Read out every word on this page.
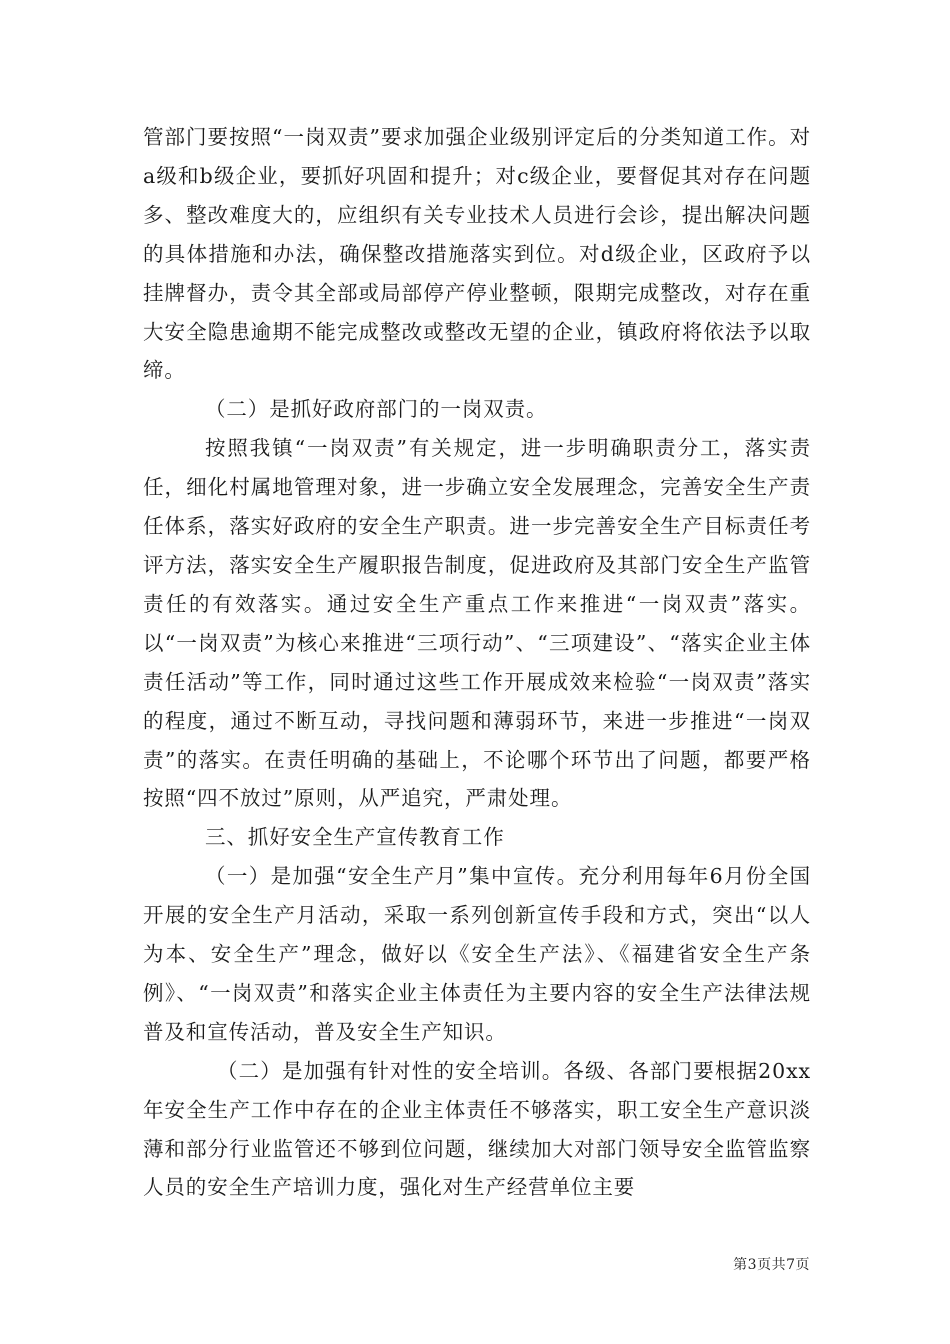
管部门要按照“一岗双责”要求加强企业级别评定后的分类知道工作。对a级和b级企业，要抓好巩固和提升；对c级企业，要督促其对存在问题多、整改难度大的，应组织有关专业技术人员进行会诊，提出解决问题的具体措施和办法，确保整改措施落实到位。对d级企业，区政府予以挂牌督办，责令其全部或局部停产停业整顿，限期完成整改，对存在重大安全隐患逾期不能完成整改或整改无望的企业，镇政府将依法予以取缔。

（二）是抓好政府部门的一岗双责。

按照我镇“一岗双责”有关规定，进一步明确职责分工，落实责任，细化村属地管理对象，进一步确立安全发展理念，完善安全生产责任体系，落实好政府的安全生产职责。进一步完善安全生产目标责任考评方法，落实安全生产履职报告制度，促进政府及其部门安全生产监管责任的有效落实。通过安全生产重点工作来推进“一岗双责”落实。以“一岗双责”为核心来推进“三项行动”、“三项建设”、“落实企业主体责任活动”等工作，同时通过这些工作开展成效来检验“一岗双责”落实的程度，通过不断互动，寻找问题和薄弱环节，来进一步推进“一岗双责”的落实。在责任明确的基础上，不论哪个环节出了问题，都要严格按照“四不放过”原则，从严追究，严肃处理。

三、抓好安全生产宣传教育工作

（一）是加强“安全生产月”集中宣传。充分利用每年6月份全国开展的安全生产月活动，采取一系列创新宣传手段和方式，突出“以人为本、安全生产”理念，做好以《安全生产法》、《福建省安全生产条例》、“一岗双责”和落实企业主体责任为主要内容的安全生产法律法规普及和宣传活动，普及安全生产知识。

（二）是加强有针对性的安全培训。各级、各部门要根据20xx年安全生产工作中存在的企业主体责任不够落实，职工安全生产意识淡薄和部分行业监管还不够到位问题，继续加大对部门领导安全监管监察人员的安全生产培训力度，强化对生产经营单位主要

第3页共7页
